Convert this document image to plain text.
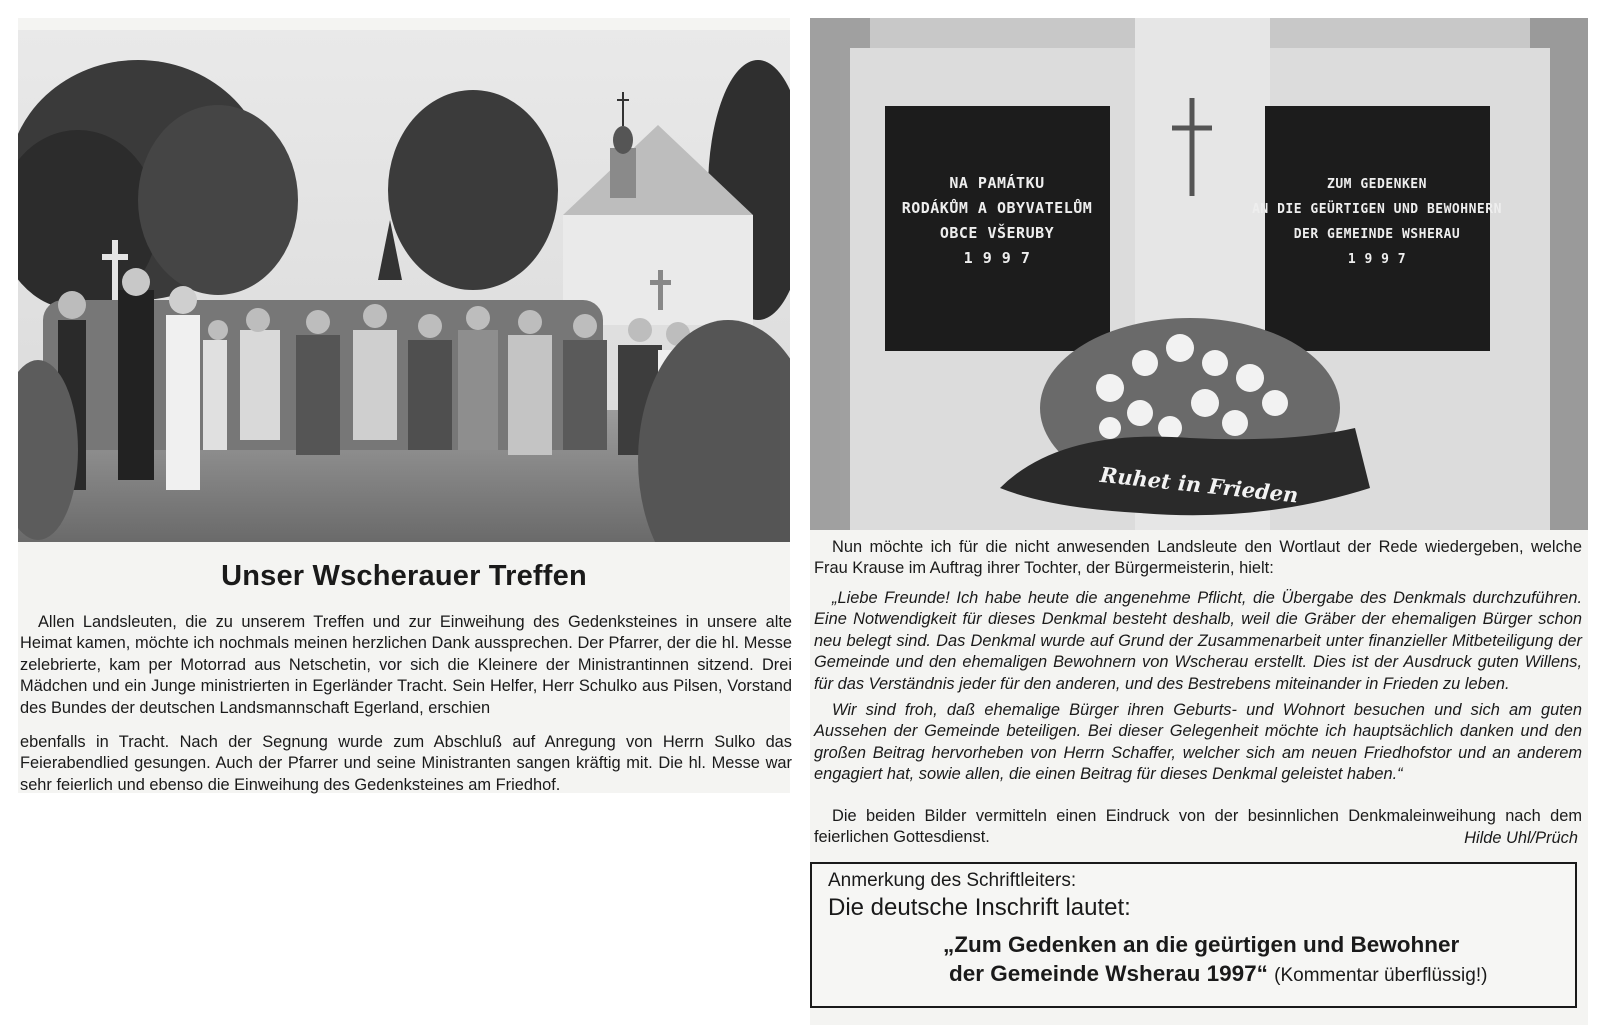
NA PAMÁTKU
RODÁKŮM A OBYVATELŮM
OBCE VŠERUBY
1 9 9 7
ZUM GEDENKEN
AN DIE GEÜRTIGEN UND BEWOHNERN
DER GEMEINDE WSHERAU
1 9 9 7
Ruhet in Frieden
Unser Wscherauer Treffen
Allen Landsleuten, die zu unserem Treffen und zur Einweihung des Gedenksteines in unsere alte Heimat kamen, möchte ich nochmals meinen herzlichen Dank aussprechen. Der Pfarrer, der die hl. Messe zelebrierte, kam per Motorrad aus Netschetin, vor sich die Kleinere der Ministrantinnen sitzend. Drei Mädchen und ein Junge ministrierten in Egerländer Tracht. Sein Helfer, Herr Schulko aus Pilsen, Vorstand des Bundes der deutschen Landsmannschaft Egerland, erschien
ebenfalls in Tracht. Nach der Segnung wurde zum Abschluß auf Anregung von Herrn Sulko das Feierabendlied gesungen. Auch der Pfarrer und seine Ministranten sangen kräftig mit. Die hl. Messe war sehr feierlich und ebenso die Einweihung des Gedenksteines am Friedhof.
Nun möchte ich für die nicht anwesenden Landsleute den Wortlaut der Rede wiedergeben, welche Frau Krause im Auftrag ihrer Tochter, der Bürgermeisterin, hielt:

„Liebe Freunde! Ich habe heute die angenehme Pflicht, die Übergabe des Denkmals durchzuführen. Eine Notwendigkeit für dieses Denkmal besteht deshalb, weil die Gräber der ehemaligen Bürger schon neu belegt sind. Das Denkmal wurde auf Grund der Zusammenarbeit unter finanzieller Mitbeteiligung der Gemeinde und den ehemaligen Bewohnern von Wscherau erstellt. Dies ist der Ausdruck guten Willens, für das Verständnis jeder für den anderen, und des Bestrebens miteinander in Frieden zu leben.

Wir sind froh, daß ehemalige Bürger ihren Geburts- und Wohnort besuchen und sich am guten Aussehen der Gemeinde beteiligen. Bei dieser Gelegenheit möchte ich hauptsächlich danken und den großen Beitrag hervorheben von Herrn Schaffer, welcher sich am neuen Friedhofstor und an anderem engagiert hat, sowie allen, die einen Beitrag für dieses Denkmal geleistet haben.“

Die beiden Bilder vermitteln einen Eindruck von der besinnlichen Denkmaleinweihung nach dem feierlichen Gottesdienst.	Hilde Uhl/Prüch
Anmerkung des Schriftleiters:
Die deutsche Inschrift lautet:
„Zum Gedenken an die geürtigen und Bewohner
der Gemeinde Wsherau 1997“ (Kommentar überflüssig!)
